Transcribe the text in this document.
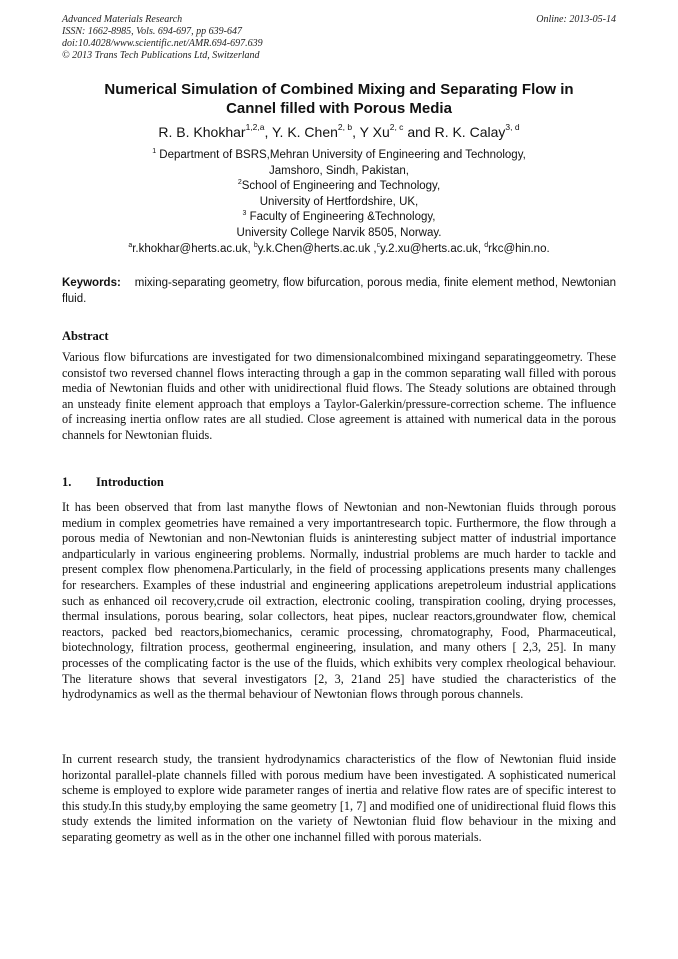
Advanced Materials Research
ISSN: 1662-8985, Vols. 694-697, pp 639-647
doi:10.4028/www.scientific.net/AMR.694-697.639
© 2013 Trans Tech Publications Ltd, Switzerland
Online: 2013-05-14
Numerical Simulation of Combined Mixing and Separating Flow in
Cannel filled with Porous Media
R. B. Khokhar$^{1,2,a}$, Y. K. Chen$^{2, b}$, Y Xu$^{2, c}$ and R. K. Calay$^{3, d}$
$^1$ Department of BSRS,Mehran University of Engineering and Technology,
Jamshoro, Sindh, Pakistan,
$^2$School of Engineering and Technology,
University of Hertfordshire, UK,
$^3$ Faculty of Engineering &Technology,
University College Narvik 8505, Norway.
$^a$r.khokhar@herts.ac.uk, $^b$y.k.Chen@herts.ac.uk ,$^c$y.2.xu@herts.ac.uk, $^d$rkc@hin.no.
Keywords: mixing-separating geometry, flow bifurcation, porous media, finite element method, Newtonian fluid.
Abstract

Various flow bifurcations are investigated for two dimensionalcombined mixingand separatinggeometry. These consistof two reversed channel flows interacting through a gap in the common separating wall filled with porous media of Newtonian fluids and other with unidirectional fluid flows. The Steady solutions are obtained through an unsteady finite element approach that employs a Taylor-Galerkin/pressure-correction scheme. The influence of increasing inertia onflow rates are all studied. Close agreement is attained with numerical data in the porous channels for Newtonian fluids.

1. Introduction

It has been observed that from last manythe flows of Newtonian and non-Newtonian fluids through porous medium in complex geometries have remained a very importantresearch topic. Furthermore, the flow through a porous media of Newtonian and non-Newtonian fluids is aninteresting subject matter of industrial importance andparticularly in various engineering problems. Normally, industrial problems are much harder to tackle and present complex flow phenomena.Particularly, in the field of processing applications presents many challenges for researchers. Examples of these industrial and engineering applications arepetroleum industrial applications such as enhanced oil recovery,crude oil extraction, electronic cooling, transpiration cooling, drying processes, thermal insulations, porous bearing, solar collectors, heat pipes, nuclear reactors,groundwater flow, chemical reactors, packed bed reactors,biomechanics, ceramic processing, chromatography, Food, Pharmaceutical, biotechnology, filtration process, geothermal engineering, insulation, and many others [ 2,3, 25]. In many processes of the complicating factor is the use of the fluids, which exhibits very complex rheological behaviour. The literature shows that several investigators [2, 3, 21and 25] have studied the characteristics of the hydrodynamics as well as the thermal behaviour of Newtonian flows through porous channels.

In current research study, the transient hydrodynamics characteristics of the flow of Newtonian fluid inside horizontal parallel-plate channels filled with porous medium have been investigated. A sophisticated numerical scheme is employed to explore wide parameter ranges of inertia and relative flow rates are of specific interest to this study.In this study,by employing the same geometry [1, 7] and modified one of unidirectional fluid flows this study extends the limited information on the variety of Newtonian fluid flow behaviour in the mixing and separating geometry as well as in the other one inchannel filled with porous materials.
